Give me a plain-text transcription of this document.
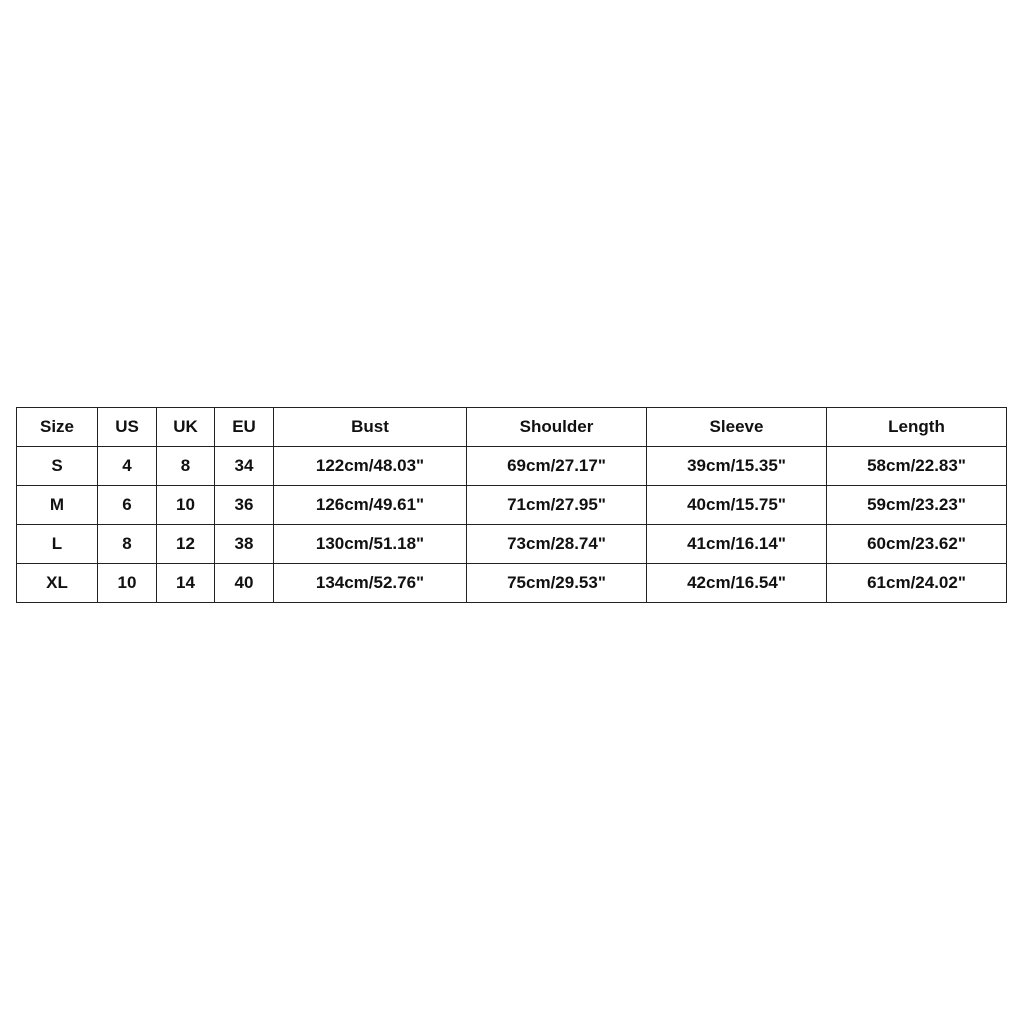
Size	US	UK	EU	Bust	Shoulder	Sleeve	Length
S	4	8	34	122cm/48.03"	69cm/27.17"	39cm/15.35"	58cm/22.83"
M	6	10	36	126cm/49.61"	71cm/27.95"	40cm/15.75"	59cm/23.23"
L	8	12	38	130cm/51.18"	73cm/28.74"	41cm/16.14"	60cm/23.62"
XL	10	14	40	134cm/52.76"	75cm/29.53"	42cm/16.54"	61cm/24.02"
